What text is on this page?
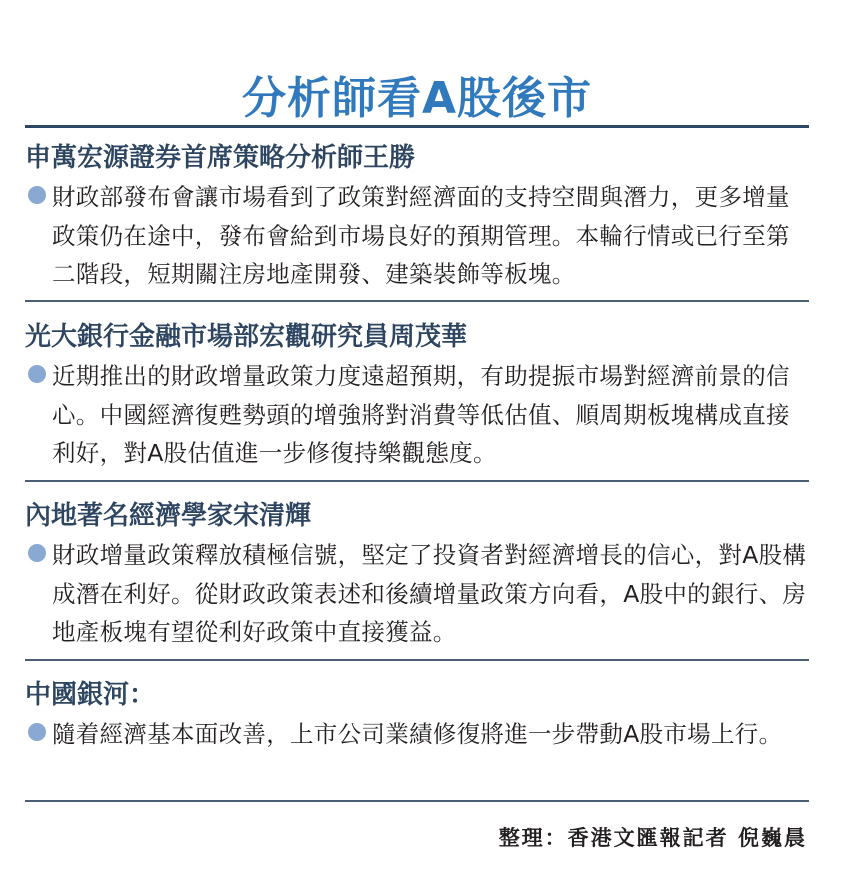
分析師看A股後市
申萬宏源證券首席策略分析師王勝
財政部發布會讓市場看到了政策對經濟面的支持空間與潛力，更多增量政策仍在途中，發布會給到市場良好的預期管理。本輪行情或已行至第二階段，短期關注房地產開發、建築裝飾等板塊。
光大銀行金融市場部宏觀研究員周茂華
近期推出的財政增量政策力度遠超預期，有助提振市場對經濟前景的信心。中國經濟復甦勢頭的增強將對消費等低估值、順周期板塊構成直接利好，對A股估值進一步修復持樂觀態度。
內地著名經濟學家宋清輝
財政增量政策釋放積極信號，堅定了投資者對經濟增長的信心，對A股構成潛在利好。從財政政策表述和後續增量政策方向看，A股中的銀行、房地產板塊有望從利好政策中直接獲益。
中國銀河：
隨着經濟基本面改善，上市公司業績修復將進一步帶動A股市場上行。
整理：香港文匯報記者 倪巍晨
